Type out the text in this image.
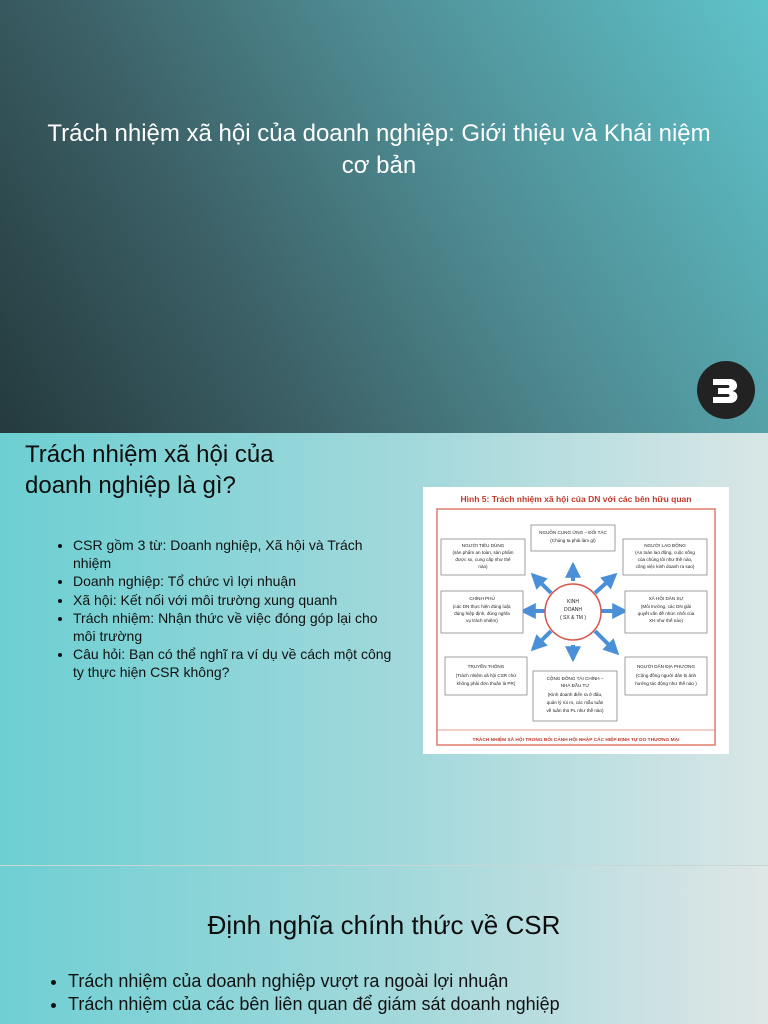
Trách nhiệm xã hội của doanh nghiệp: Giới thiệu và Khái niệm cơ bản
Trách nhiệm xã hội của doanh nghiệp là gì?
• CSR gồm 3 từ: Doanh nghiệp, Xã hội và Trách nhiệm
• Doanh nghiệp: Tổ chức vì lợi nhuận
• Xã hội: Kết nối với môi trường xung quanh
• Trách nhiệm: Nhận thức về việc đóng góp lại cho môi trường
• Câu hỏi: Bạn có thể nghĩ ra ví dụ về cách một công ty thực hiện CSR không?
Hình 5: Trách nhiệm xã hội của DN với các bên hữu quan
KINH
DOANH
( SX & TM )
NGUỒN CUNG ỨNG – ĐỐI TÁC
(Chúng ta phải làm gì)
NGƯỜI TIÊU DÙNG
(sản phẩm an toàn, sản phẩm
được sx, cung cấp như thế
nào)
NGƯỜI LAO ĐỘNG
(An toàn lao động, cuộc sống
của chúng tôi như thế nào,
công việc kinh doanh ra sao)
CHÍNH PHỦ
(các DN thực hiện đúng luật,
đúng hiệp định, đúng nghĩa
vụ trách nhiệm)
XÃ HỘI DÂN SỰ
(Môi trường, các DN giải
quyết vấn đề nhức nhối của
XH như thế nào)
TRUYỀN THÔNG
(Trách nhiệm xã hội CSR chứ
không phải đơn thuần là PR)
CỘNG ĐỒNG TÀI CHÍNH –
NHÀ ĐẦU TƯ
(Kinh doanh điển ra ở đâu,
quản lý rủi ro, các mẫu tuần
về tuân thủ PL như thế nào)
NGƯỜI DÂN ĐỊA PHƯƠNG
(Cộng đồng người dân bị ảnh
hưởng tác động như thế nào )
TRÁCH NHIỆM XÃ HỘI TRONG BỐI CẢNH HỘI NHẬP CÁC HIỆP ĐỊNH TỰ DO THƯƠNG MẠI
Định nghĩa chính thức về CSR
• Trách nhiệm của doanh nghiệp vượt ra ngoài lợi nhuận
• Trách nhiệm của các bên liên quan để giám sát doanh nghiệp
